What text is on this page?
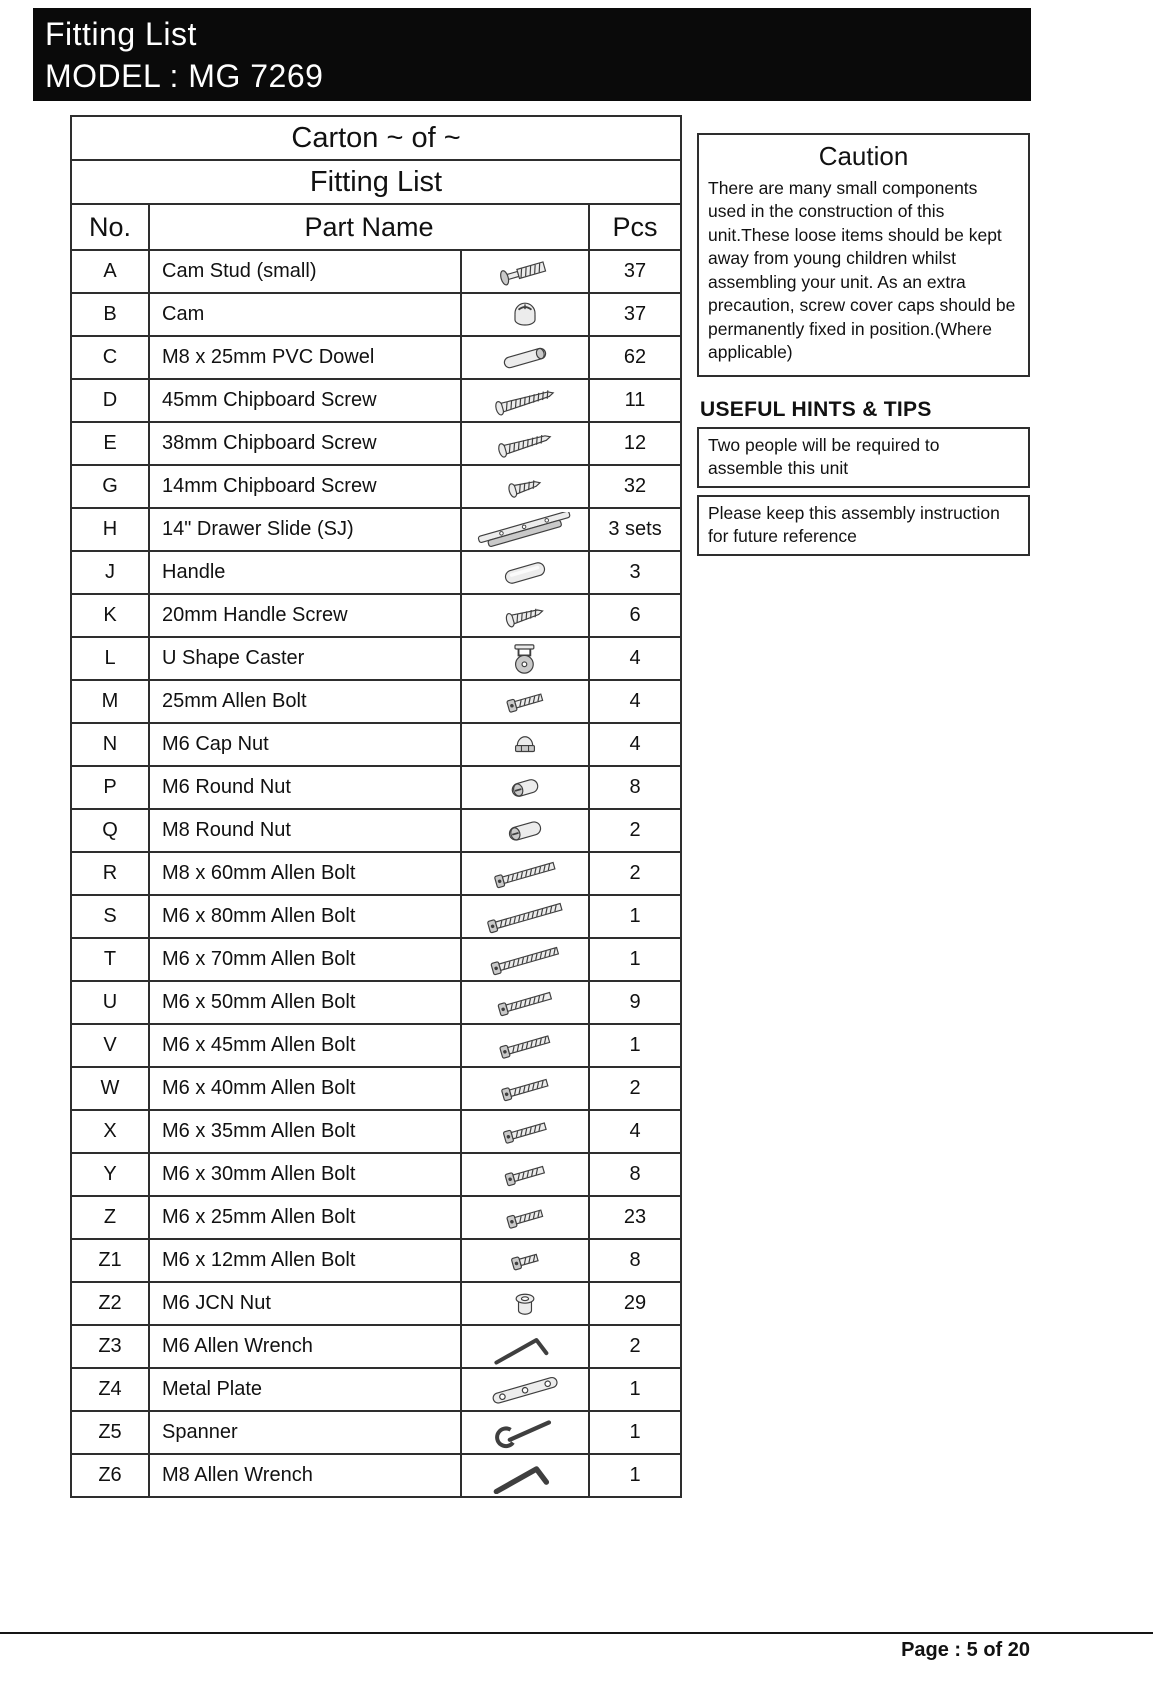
Fitting List
MODEL : MG 7269
Carton ~ of ~			
Fitting List			
No.	Part Name		Pcs
A	Cam Stud (small)		37
B	Cam		37
C	M8 x 25mm PVC Dowel		62
D	45mm Chipboard Screw		11
E	38mm Chipboard Screw		12
G	14mm Chipboard Screw		32
H	14" Drawer Slide (SJ)		3 sets
J	Handle		3
K	20mm Handle Screw		6
L	U Shape Caster		4
M	25mm Allen Bolt		4
N	M6 Cap Nut		4
P	M6 Round Nut		8
Q	M8 Round Nut		2
R	M8 x 60mm Allen Bolt		2
S	M6 x 80mm Allen Bolt		1
T	M6 x 70mm Allen Bolt		1
U	M6 x 50mm Allen Bolt		9
V	M6 x 45mm Allen Bolt		1
W	M6 x 40mm Allen Bolt		2
X	M6 x 35mm Allen Bolt		4
Y	M6 x 30mm Allen Bolt		8
Z	M6 x 25mm Allen Bolt		23
Z1	M6 x 12mm Allen Bolt		8
Z2	M6 JCN Nut		29
Z3	M6 Allen Wrench		2
Z4	Metal Plate		1
Z5	Spanner		1
Z6	M8 Allen Wrench		1
Caution
There are many small components used in the construction of this unit.These loose items should be kept away from young children whilst assembling your unit. As an extra precaution, screw cover caps should be permanently fixed in position.(Where applicable)
USEFUL HINTS & TIPS
Two people will be required to assemble this unit
Please keep this assembly instruction for future reference
Page : 5 of 20
